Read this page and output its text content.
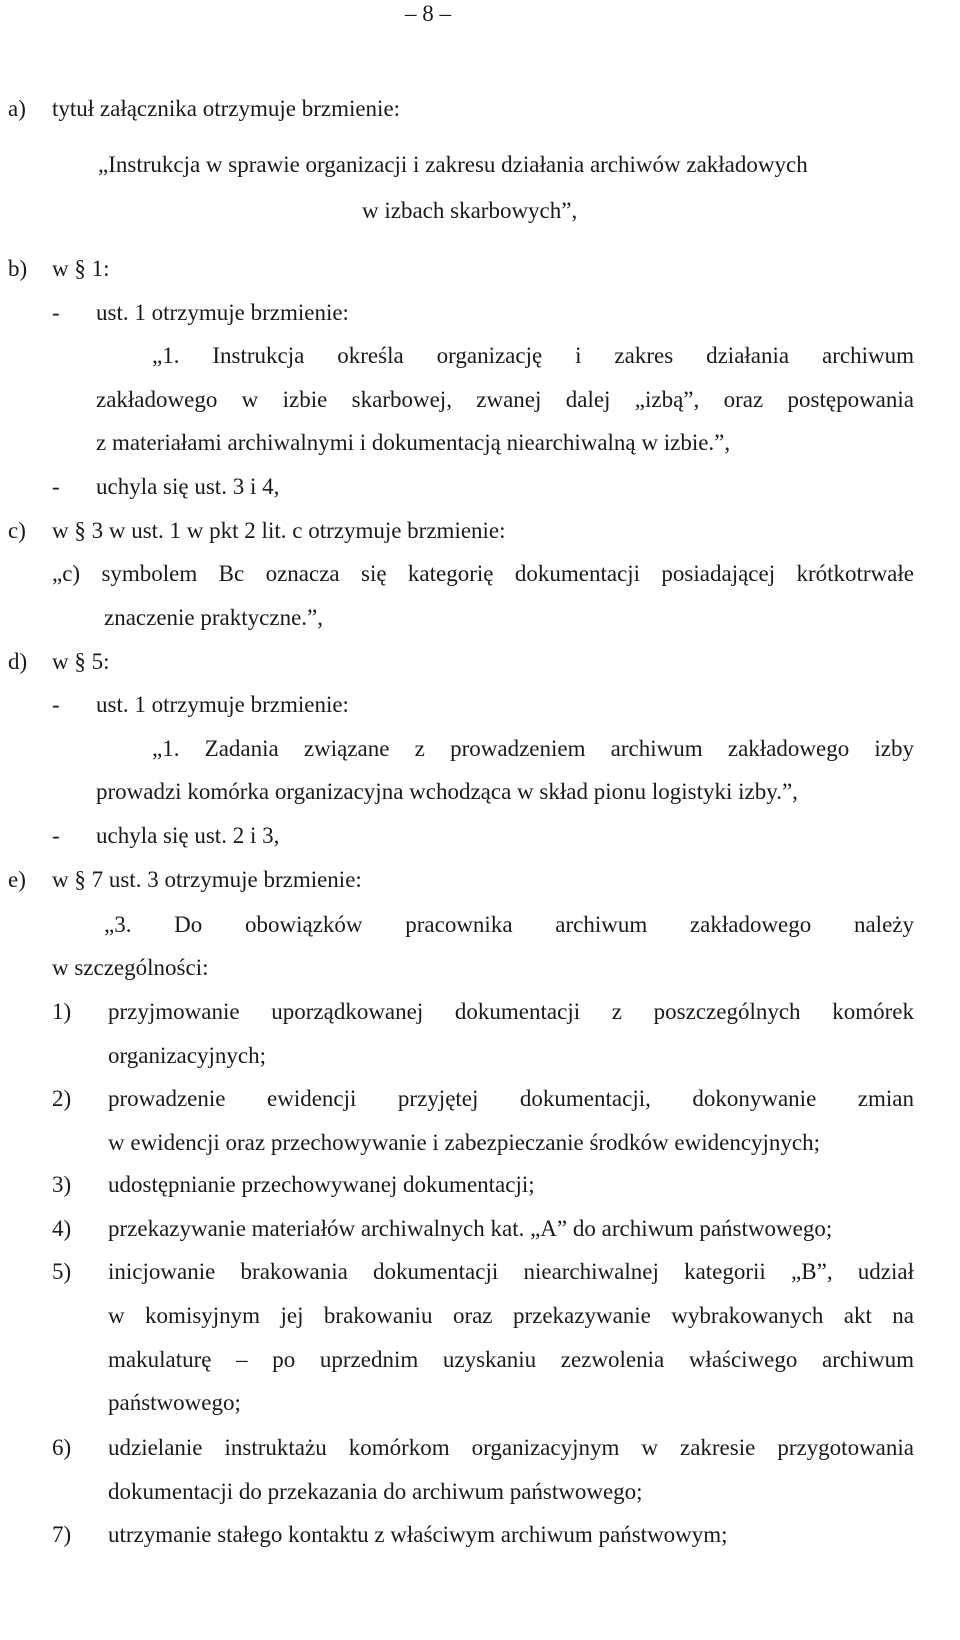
– 8 –
a) tytuł załącznika otrzymuje brzmienie:
„Instrukcja w sprawie organizacji i zakresu działania archiwów zakładowych
w izbach skarbowych”,
b) w § 1:
- ust. 1 otrzymuje brzmienie:
„1. Instrukcja określa organizację i zakres działania archiwum
zakładowego w izbie skarbowej, zwanej dalej „izbą”, oraz postępowania
z materiałami archiwalnymi i dokumentacją niearchiwalną w izbie.”,
- uchyla się ust. 3 i 4,
c) w § 3 w ust. 1 w pkt 2 lit. c otrzymuje brzmienie:
„c) symbolem Bc oznacza się kategorię dokumentacji posiadającej krótkotrwałe
znaczenie praktyczne.”,
d) w § 5:
- ust. 1 otrzymuje brzmienie:
„1. Zadania związane z prowadzeniem archiwum zakładowego izby
prowadzi komórka organizacyjna wchodząca w skład pionu logistyki izby.”,
- uchyla się ust. 2 i 3,
e) w § 7 ust. 3 otrzymuje brzmienie:
„3. Do obowiązków pracownika archiwum zakładowego należy
w szczególności:
1) przyjmowanie uporządkowanej dokumentacji z poszczególnych komórek
organizacyjnych;
2) prowadzenie ewidencji przyjętej dokumentacji, dokonywanie zmian
w ewidencji oraz przechowywanie i zabezpieczanie środków ewidencyjnych;
3) udostępnianie przechowywanej dokumentacji;
4) przekazywanie materiałów archiwalnych kat. „A” do archiwum państwowego;
5) inicjowanie brakowania dokumentacji niearchiwalnej kategorii „B”, udział
w komisyjnym jej brakowaniu oraz przekazywanie wybrakowanych akt na
makulaturę – po uprzednim uzyskaniu zezwolenia właściwego archiwum
państwowego;
6) udzielanie instruktażu komórkom organizacyjnym w zakresie przygotowania
dokumentacji do przekazania do archiwum państwowego;
7) utrzymanie stałego kontaktu z właściwym archiwum państwowym;
